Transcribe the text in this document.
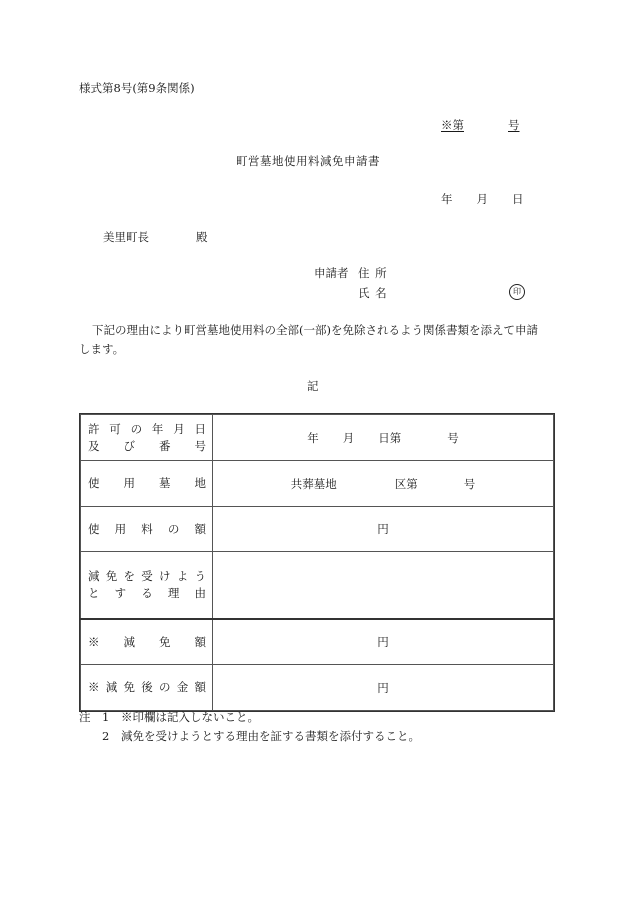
様式第8号(第9条関係)
※第	号
町営墓地使用料減免申請書
年 月 日
美里町長	殿
申請者 住 所
氏 名	印
下記の理由により町営墓地使用料の全部(一部)を免除されるよう関係書類を添えて申請
します。
記
許可の年月日
及び番号	年 月 日第 号

使用墓地	共葬墓地 区第 号

使用料の額	円

減免を受けよう
とする理由	

※減免額	円

※減免後の金額	円
注 1 ※印欄は記入しないこと。
2 減免を受けようとする理由を証する書類を添付すること。
